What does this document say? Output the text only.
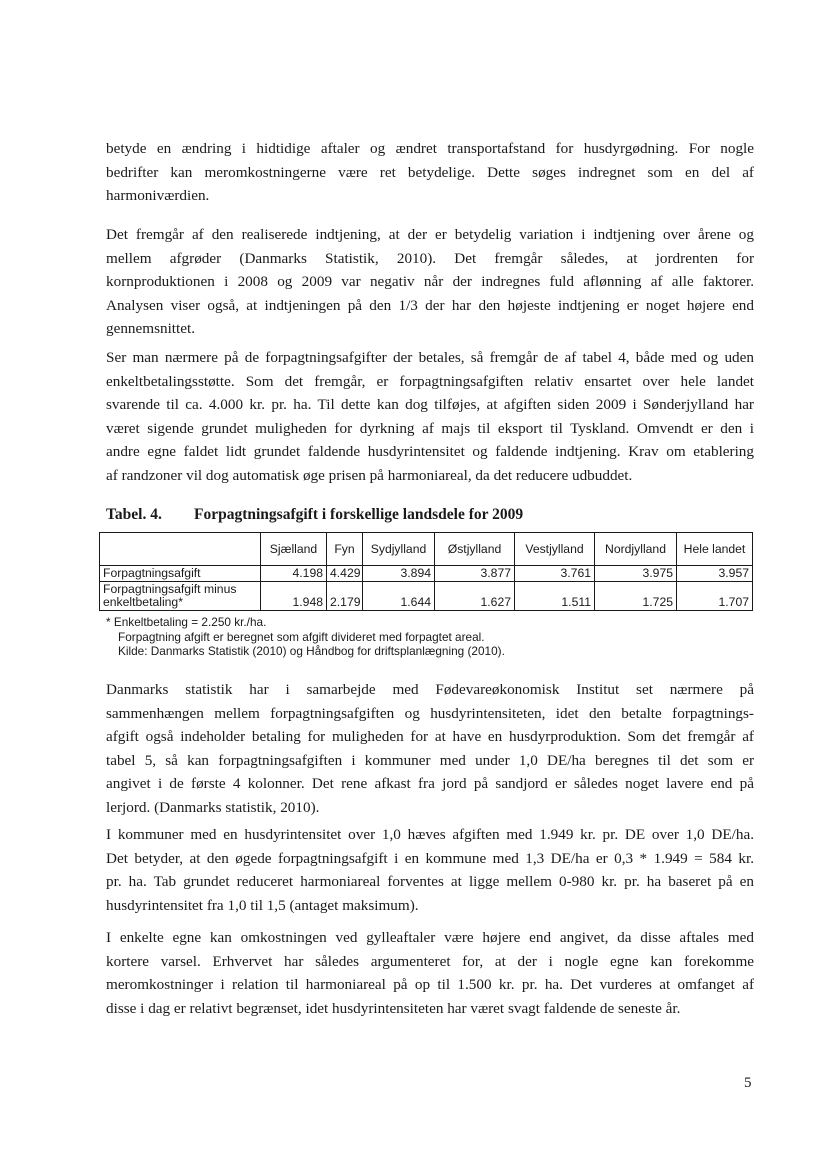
betyde en ændring i hidtidige aftaler og ændret transportafstand for husdyrgødning. For nogle
bedrifter kan meromkostningerne være ret betydelige. Dette søges indregnet som en del af
harmoniværdien.
Det fremgår af den realiserede indtjening, at der er betydelig variation i indtjening over årene og
mellem afgrøder (Danmarks Statistik, 2010). Det fremgår således, at jordrenten for
kornproduktionen i 2008 og 2009 var negativ når der indregnes fuld aflønning af alle faktorer.
Analysen viser også, at indtjeningen på den 1/3 der har den højeste indtjening er noget højere end
gennemsnittet.
Ser man nærmere på de forpagtningsafgifter der betales, så fremgår de af tabel 4, både med og uden
enkeltbetalingsstøtte. Som det fremgår, er forpagtningsafgiften relativ ensartet over hele landet
svarende til ca. 4.000 kr. pr. ha. Til dette kan dog tilføjes, at afgiften siden 2009 i Sønderjylland har
været sigende grundet muligheden for dyrkning af majs til eksport til Tyskland. Omvendt er den i
andre egne faldet lidt grundet faldende husdyrintensitet og faldende indtjening. Krav om etablering
af randzoner vil dog automatisk øge prisen på harmoniareal, da det reducere udbuddet.
Tabel. 4. Forpagtningsafgift i forskellige landsdele for 2009
	Sjælland	Fyn	Sydjylland	Østjylland	Vestjylland	Nordjylland	Hele landet
Forpagtningsafgift	4.198	4.429	3.894	3.877	3.761	3.975	3.957
Forpagtningsafgift minus enkeltbetaling*	1.948	2.179	1.644	1.627	1.511	1.725	1.707
* Enkeltbetaling = 2.250 kr./ha.
Forpagtning afgift er beregnet som afgift divideret med forpagtet areal.
Kilde: Danmarks Statistik (2010) og Håndbog for driftsplanlægning (2010).
Danmarks statistik har i samarbejde med Fødevareøkonomisk Institut set nærmere på
sammenhængen mellem forpagtningsafgiften og husdyrintensiteten, idet den betalte forpagtnings-
afgift også indeholder betaling for muligheden for at have en husdyrproduktion. Som det fremgår af
tabel 5, så kan forpagtningsafgiften i kommuner med under 1,0 DE/ha beregnes til det som er
angivet i de første 4 kolonner. Det rene afkast fra jord på sandjord er således noget lavere end på
lerjord. (Danmarks statistik, 2010).
I kommuner med en husdyrintensitet over 1,0 hæves afgiften med 1.949 kr. pr. DE over 1,0 DE/ha.
Det betyder, at den øgede forpagtningsafgift i en kommune med 1,3 DE/ha er 0,3 * 1.949 = 584 kr.
pr. ha. Tab grundet reduceret harmoniareal forventes at ligge mellem 0-980 kr. pr. ha baseret på en
husdyrintensitet fra 1,0 til 1,5 (antaget maksimum).
I enkelte egne kan omkostningen ved gylleaftaler være højere end angivet, da disse aftales med
kortere varsel. Erhvervet har således argumenteret for, at der i nogle egne kan forekomme
meromkostninger i relation til harmoniareal på op til 1.500 kr. pr. ha. Det vurderes at omfanget af
disse i dag er relativt begrænset, idet husdyrintensiteten har været svagt faldende de seneste år.
5
